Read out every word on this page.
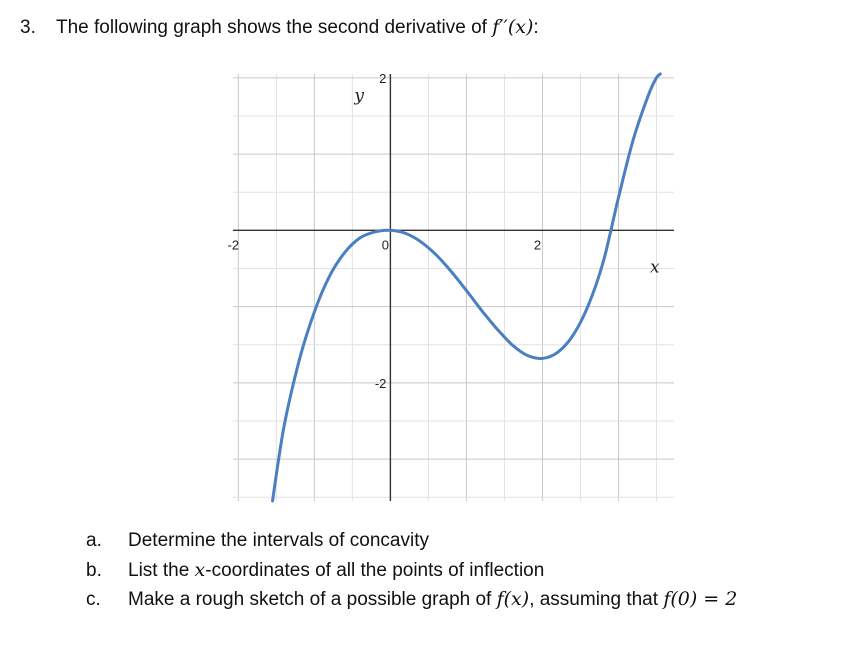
3. The following graph shows the second derivative of f′′(x):
-2	0	2
2
-2
x
y
a. Determine the intervals of concavity
b. List the x-coordinates of all the points of inflection
c. Make a rough sketch of a possible graph of f(x), assuming that f(0) = 2
